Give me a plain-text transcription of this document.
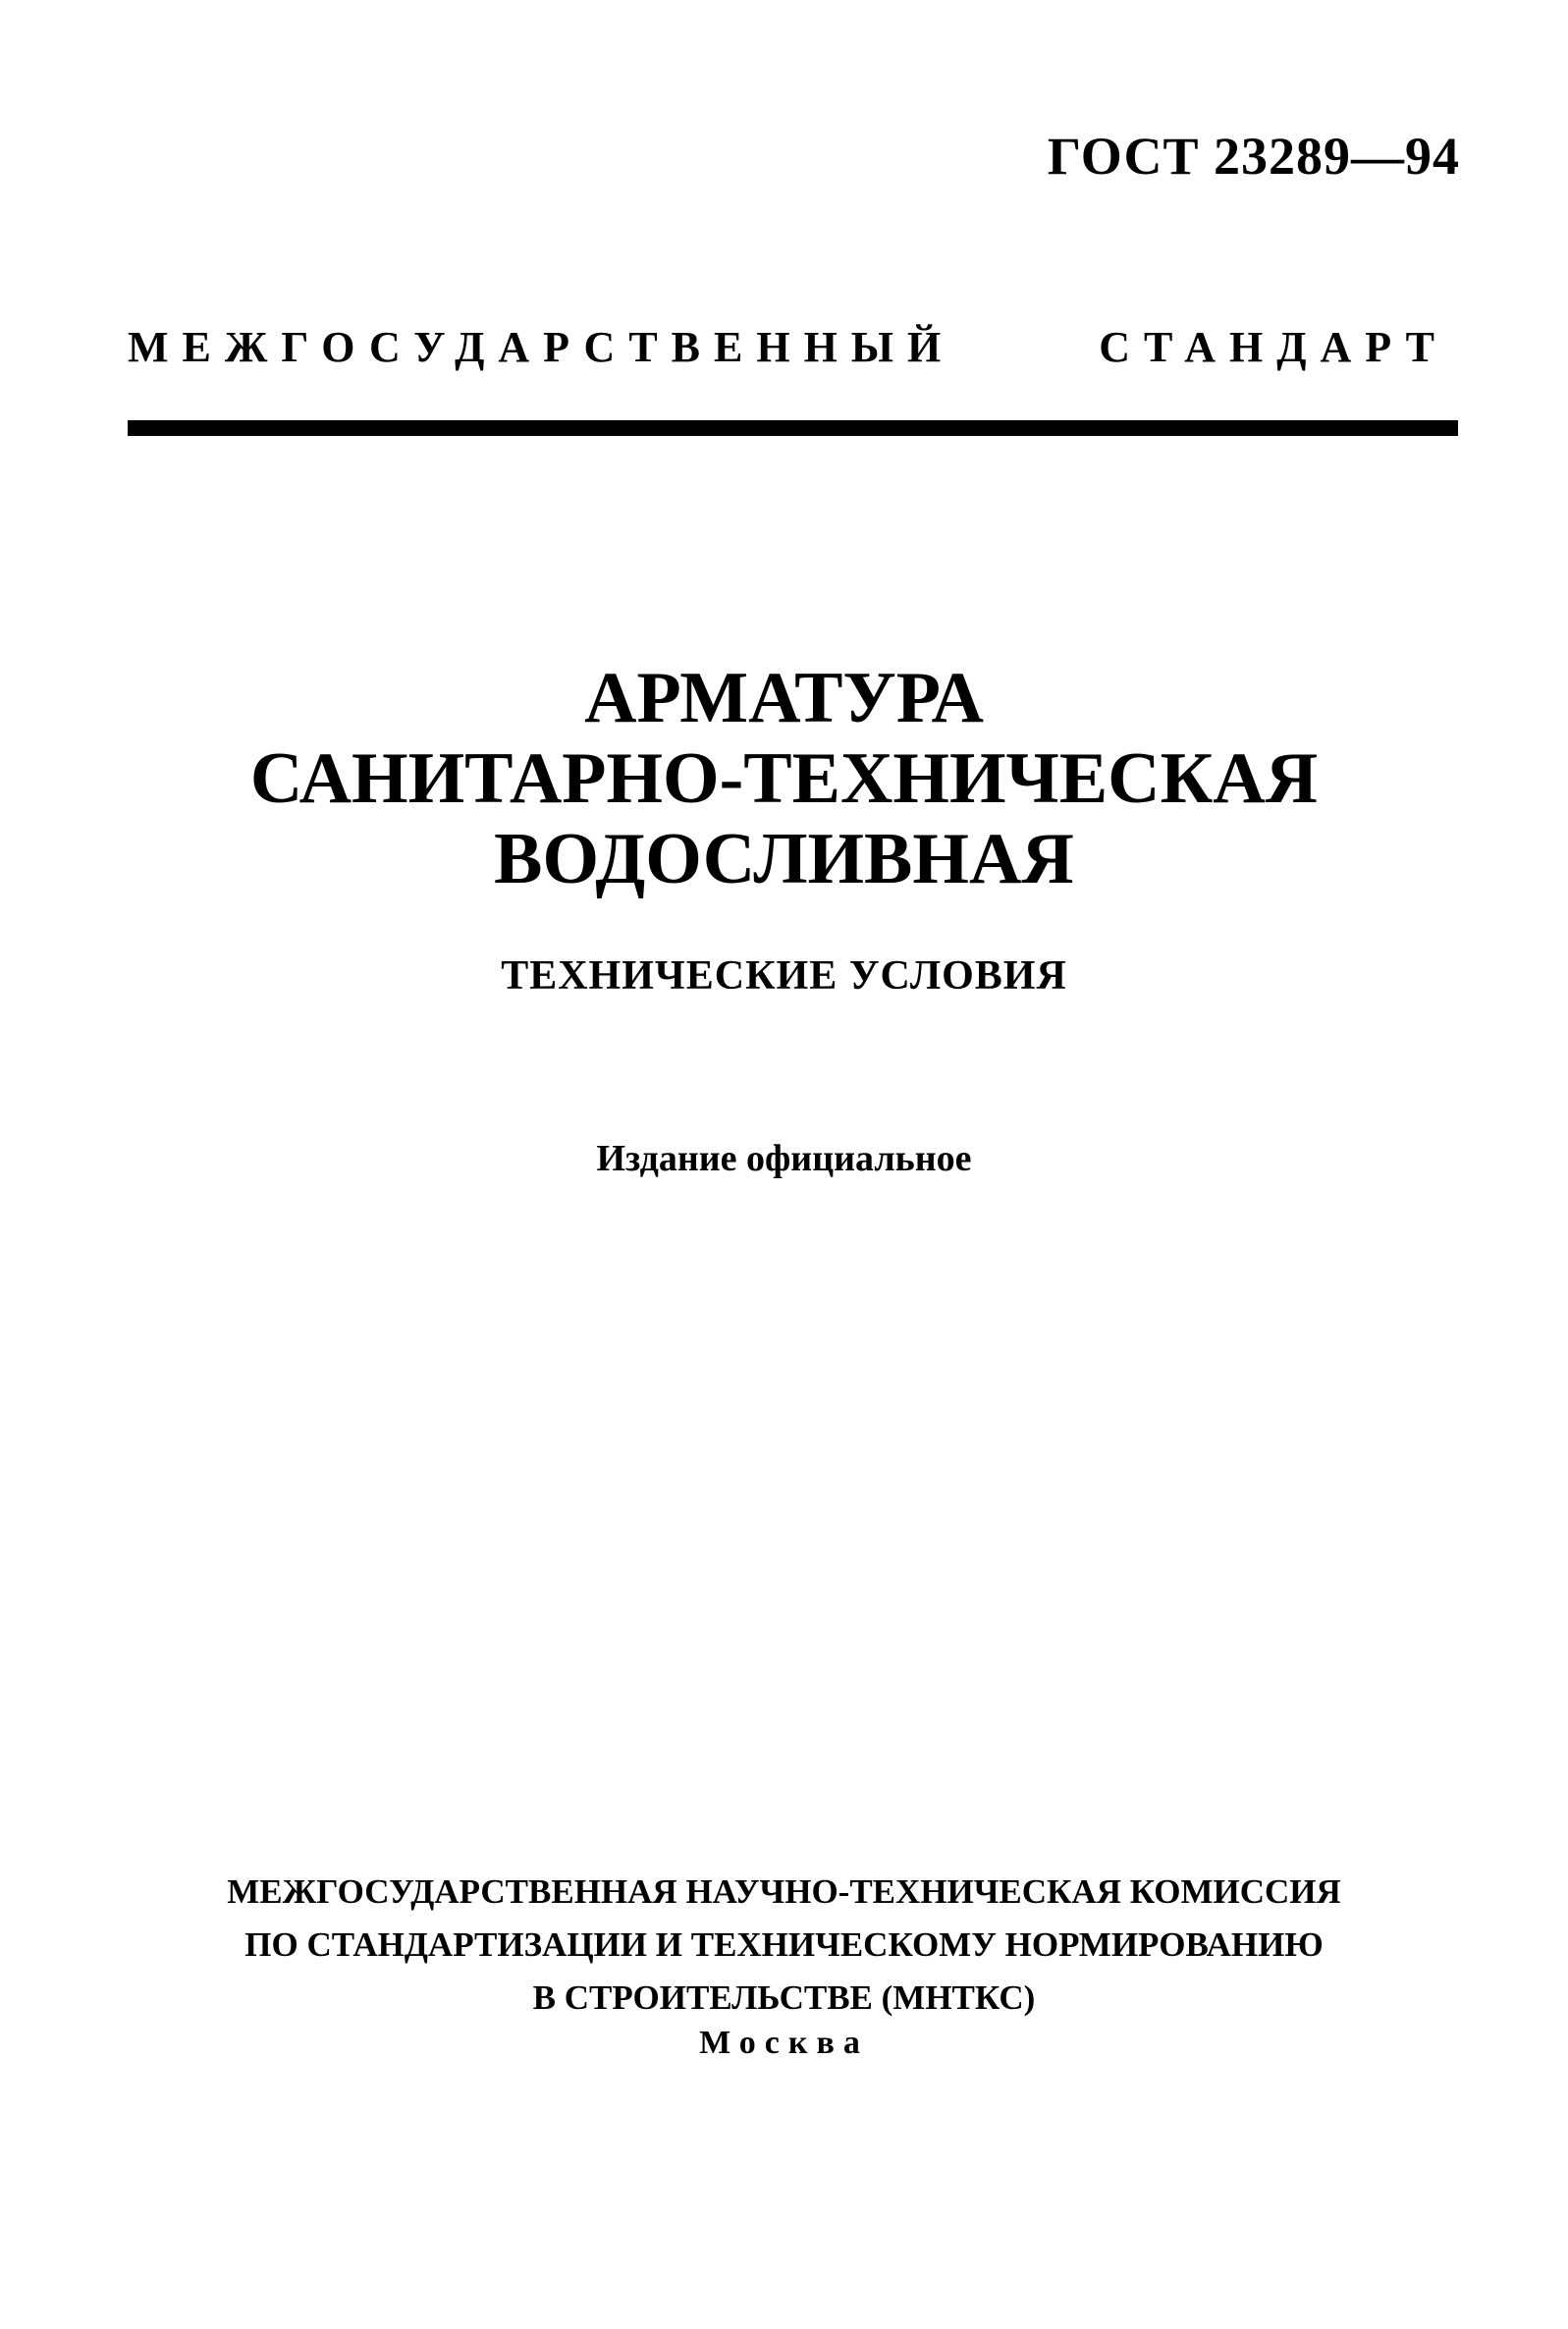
ГОСТ 23289—94
МЕЖГОСУДАРСТВЕННЫЙ СТАНДАРТ
АРМАТУРА
САНИТАРНО-ТЕХНИЧЕСКАЯ
ВОДОСЛИВНАЯ
ТЕХНИЧЕСКИЕ УСЛОВИЯ
Издание официальное
МЕЖГОСУДАРСТВЕННАЯ НАУЧНО-ТЕХНИЧЕСКАЯ КОМИССИЯ
ПО СТАНДАРТИЗАЦИИ И ТЕХНИЧЕСКОМУ НОРМИРОВАНИЮ
В СТРОИТЕЛЬСТВЕ (МНТКС)
Москва
